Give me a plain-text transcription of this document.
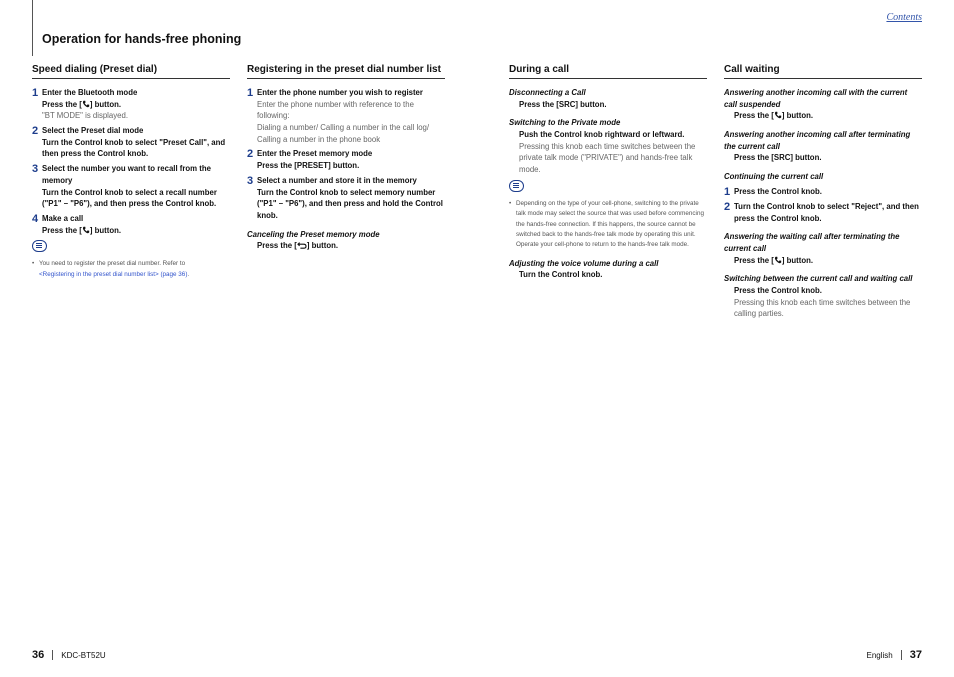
Contents
Operation for hands-free phoning
Speed dialing (Preset dial)
1 Enter the Bluetooth mode
Press the [ ] button.
"BT MODE" is displayed.
2 Select the Preset dial mode
Turn the Control knob to select "Preset Call", and then press the Control knob.
3 Select the number you want to recall from the memory
Turn the Control knob to select a recall number ("P1" – "P6"), and then press the Control knob.
4 Make a call
Press the [ ] button.
• You need to register the preset dial number. Refer to
<Registering in the preset dial number list> (page 36).
Registering in the preset dial number list
1 Enter the phone number you wish to register
Enter the phone number with reference to the following:
Dialing a number/ Calling a number in the call log/ Calling a number in the phone book
2 Enter the Preset memory mode
Press the [PRESET] button.
3 Select a number and store it in the memory
Turn the Control knob to select memory number ("P1" – "P6"), and then press and hold the Control knob.
Canceling the Preset memory mode
Press the [ ] button.
During a call
Disconnecting a Call
Press the [SRC] button.
Switching to the Private mode
Push the Control knob rightward or leftward.
Pressing this knob each time switches between the private talk mode ("PRIVATE") and hands-free talk mode.
• Depending on the type of your cell-phone, switching to the private talk mode may select the source that was used before commencing the hands-free connection. If this happens, the source cannot be switched back to the hands-free talk mode by operating this unit. Operate your cell-phone to return to the hands-free talk mode.
Adjusting the voice volume during a call
Turn the Control knob.
Call waiting
Answering another incoming call with the current call suspended
Press the [ ] button.
Answering another incoming call after terminating the current call
Press the [SRC] button.
Continuing the current call
1 Press the Control knob.
2 Turn the Control knob to select "Reject", and then press the Control knob.
Answering the waiting call after terminating the current call
Press the [ ] button.
Switching between the current call and waiting call
Press the Control knob.
Pressing this knob each time switches between the calling parties.
36 KDC-BT52U	English 37
